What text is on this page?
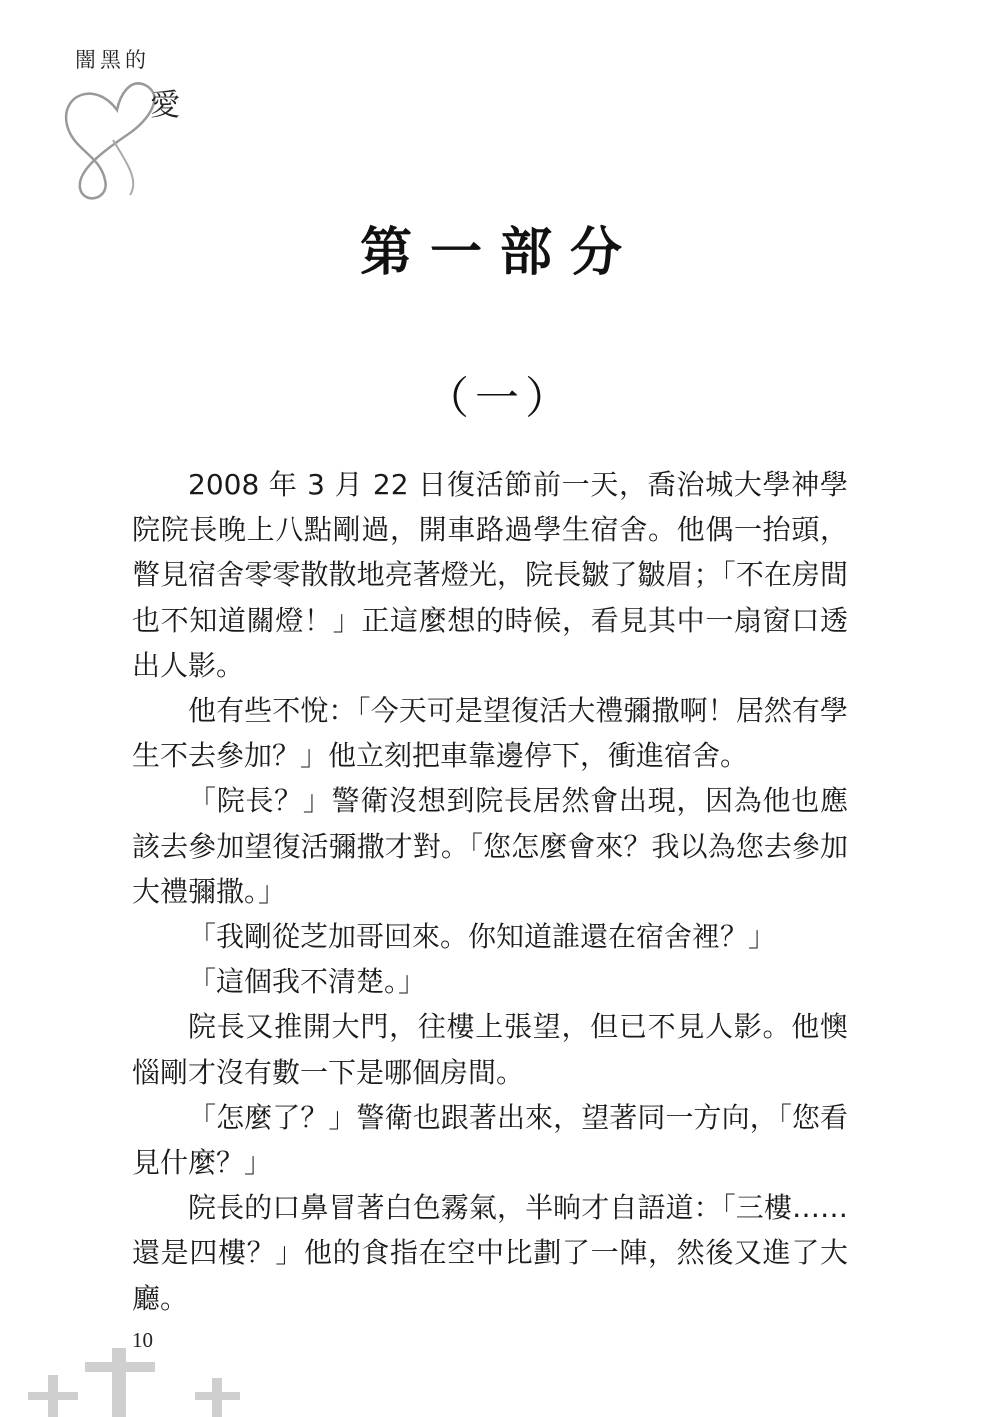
闇黑的
愛
第一部分
（一）

2008 年 3 月 22 日復活節前一天，喬治城大學神學院院長晚上八點剛過，開車路過學生宿舍。他偶一抬頭，瞥見宿舍零零散散地亮著燈光，院長皺了皺眉；「不在房間也不知道關燈！」正這麼想的時候，看見其中一扇窗口透出人影。

他有些不悅：「今天可是望復活大禮彌撒啊！居然有學生不去參加？」他立刻把車靠邊停下，衝進宿舍。

「院長？」警衛沒想到院長居然會出現，因為他也應該去參加望復活彌撒才對。「您怎麼會來？我以為您去參加大禮彌撒。」

「我剛從芝加哥回來。你知道誰還在宿舍裡？」

「這個我不清楚。」

院長又推開大門，往樓上張望，但已不見人影。他懊惱剛才沒有數一下是哪個房間。

「怎麼了？」警衛也跟著出來，望著同一方向，「您看見什麼？」

院長的口鼻冒著白色霧氣，半晌才自語道：「三樓……還是四樓？」他的食指在空中比劃了一陣，然後又進了大廳。

10
